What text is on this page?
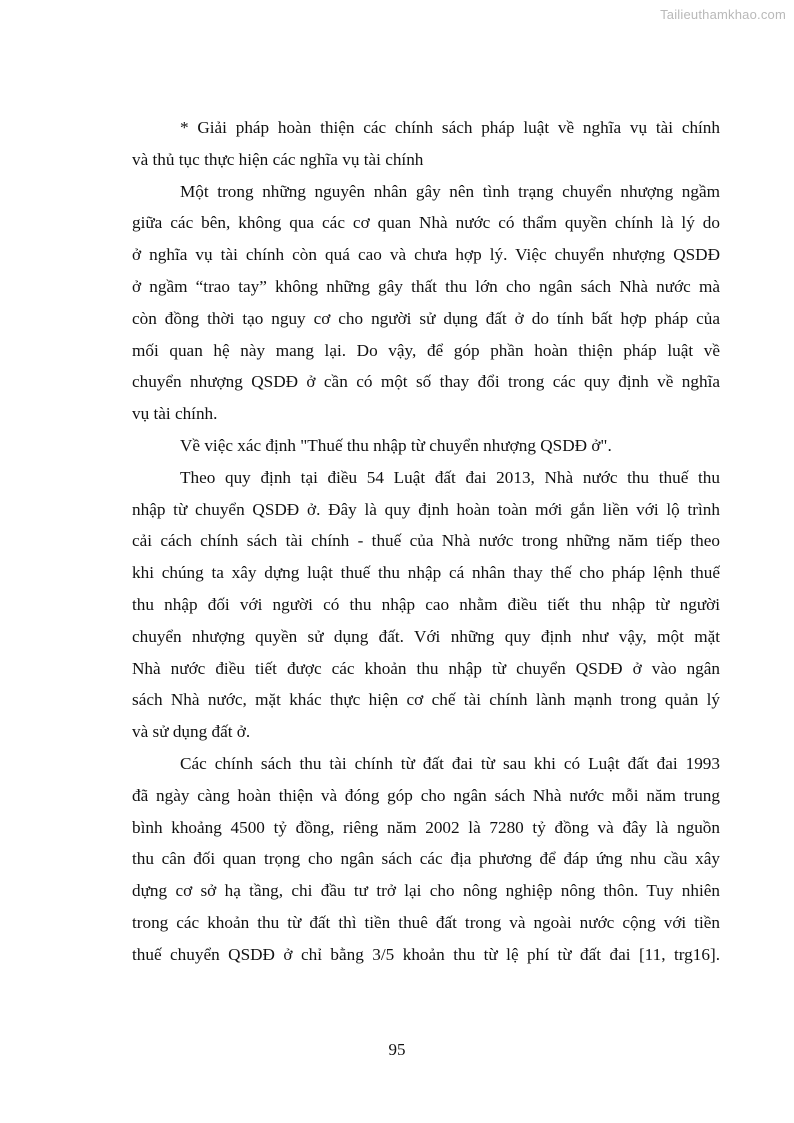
Tailieuthamkhao.com
* Giải pháp hoàn thiện các chính sách pháp luật về nghĩa vụ tài chính
và thủ tục thực hiện các nghĩa vụ tài chính
Một trong những nguyên nhân gây nên tình trạng chuyển nhượng ngầm
giữa các bên, không qua các cơ quan Nhà nước có thẩm quyền chính là lý do
ở nghĩa vụ tài chính còn quá cao và chưa hợp lý. Việc chuyển nhượng QSDĐ
ở ngầm “trao tay” không những gây thất thu lớn cho ngân sách Nhà nước mà
còn đồng thời tạo nguy cơ cho người sử dụng đất ở do tính bất hợp pháp của
mối quan hệ này mang lại. Do vậy, để góp phần hoàn thiện pháp luật về
chuyển nhượng QSDĐ ở cần có một số thay đổi trong các quy định về nghĩa
vụ tài chính.
Về việc xác định "Thuế thu nhập từ chuyển nhượng QSDĐ ở".
Theo quy định tại điều 54 Luật đất đai 2013, Nhà nước thu thuế thu
nhập từ chuyển QSDĐ ở. Đây là quy định hoàn toàn mới gắn liền với lộ trình
cải cách chính sách tài chính - thuế của Nhà nước trong những năm tiếp theo
khi chúng ta xây dựng luật thuế thu nhập cá nhân thay thế cho pháp lệnh thuế
thu nhập đối với người có thu nhập cao nhằm điều tiết thu nhập từ người
chuyển nhượng quyền sử dụng đất. Với những quy định như vậy, một mặt
Nhà nước điều tiết được các khoản thu nhập từ chuyển QSDĐ ở vào ngân
sách Nhà nước, mặt khác thực hiện cơ chế tài chính lành mạnh trong quản lý
và sử dụng đất ở.
Các chính sách thu tài chính từ đất đai từ sau khi có Luật đất đai 1993
đã ngày càng hoàn thiện và đóng góp cho ngân sách Nhà nước mỗi năm trung
bình khoảng 4500 tỷ đồng, riêng năm 2002 là 7280 tỷ đồng và đây là nguồn
thu cân đối quan trọng cho ngân sách các địa phương để đáp ứng nhu cầu xây
dựng cơ sở hạ tầng, chi đầu tư trở lại cho nông nghiệp nông thôn. Tuy nhiên
trong các khoản thu từ đất thì tiền thuê đất trong và ngoài nước cộng với tiền
thuế chuyển QSDĐ ở chỉ bằng 3/5 khoản thu từ lệ phí từ đất đai [11, trg16].
95
